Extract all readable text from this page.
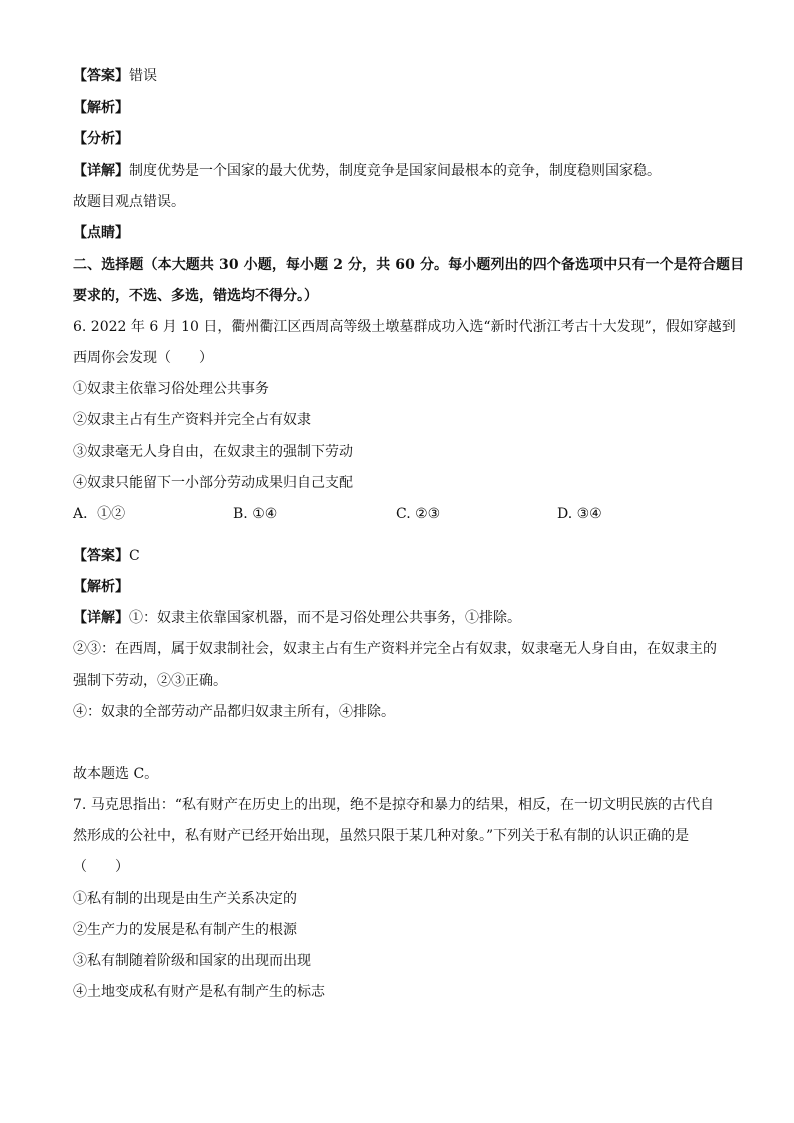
【答案】错误
【解析】
【分析】
【详解】制度优势是一个国家的最大优势，制度竞争是国家间最根本的竞争，制度稳则国家稳。
故题目观点错误。
【点睛】
二、选择题（本大题共 30 小题，每小题 2 分，共 60 分。每小题列出的四个备选项中只有一个是符合题目
要求的，不选、多选，错选均不得分。）
6. 2022 年 6 月 10 日，衢州衢江区西周高等级土墩墓群成功入选“新时代浙江考古十大发现”，假如穿越到
西周你会发现（　　）
①奴隶主依靠习俗处理公共事务
②奴隶主占有生产资料并完全占有奴隶
③奴隶毫无人身自由，在奴隶主的强制下劳动
④奴隶只能留下一小部分劳动成果归自己支配
A．①②	B. ①④	C. ②③	D. ③④
【答案】C
【解析】
【详解】①：奴隶主依靠国家机器，而不是习俗处理公共事务，①排除。
②③：在西周，属于奴隶制社会，奴隶主占有生产资料并完全占有奴隶，奴隶毫无人身自由，在奴隶主的
强制下劳动，②③正确。
④：奴隶的全部劳动产品都归奴隶主所有，④排除。
故本题选 C。
7. 马克思指出：“私有财产在历史上的出现，绝不是掠夺和暴力的结果，相反，在一切文明民族的古代自
然形成的公社中，私有财产已经开始出现，虽然只限于某几种对象。”下列关于私有制的认识正确的是
（　　）
①私有制的出现是由生产关系决定的
②生产力的发展是私有制产生的根源
③私有制随着阶级和国家的出现而出现
④土地变成私有财产是私有制产生的标志
